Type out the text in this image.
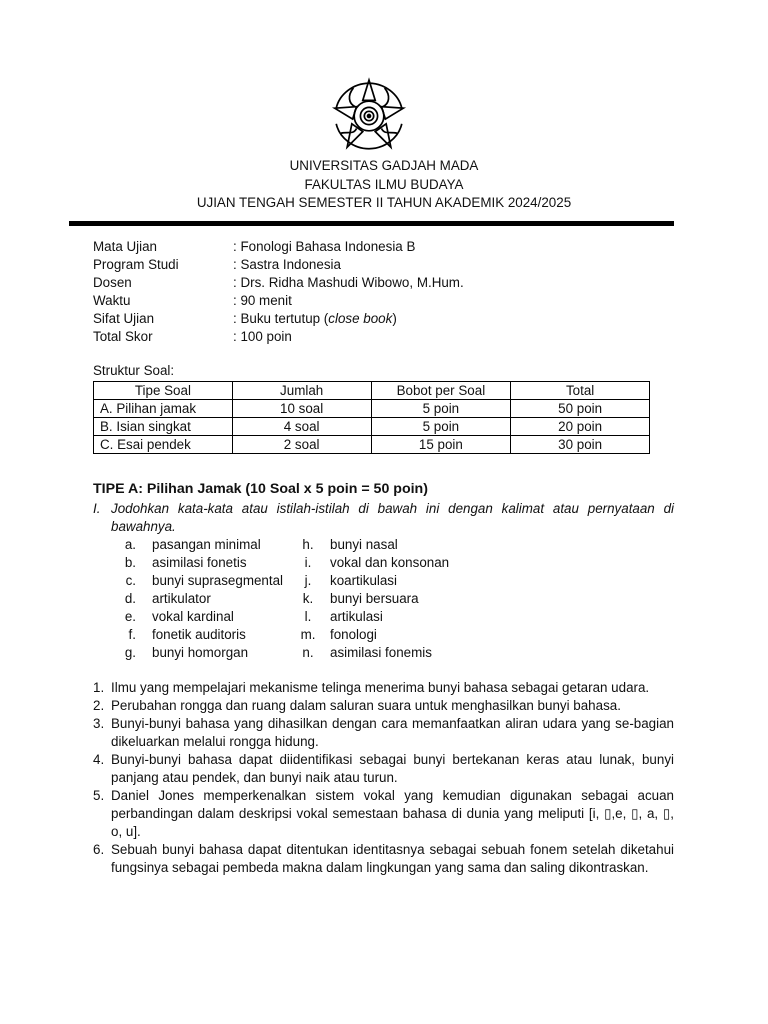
UNIVERSITAS GADJAH MADA
FAKULTAS ILMU BUDAYA
UJIAN TENGAH SEMESTER II TAHUN AKADEMIK 2024/2025
Mata Ujian	: Fonologi Bahasa Indonesia B
Program Studi	: Sastra Indonesia
Dosen	: Drs. Ridha Mashudi Wibowo, M.Hum.
Waktu	: 90 menit
Sifat Ujian	: Buku tertutup (close book)
Total Skor	: 100 poin
Struktur Soal:
Tipe Soal	Jumlah	Bobot per Soal	Total
A. Pilihan jamak	10 soal	5 poin	50 poin
B. Isian singkat	4 soal	5 poin	20 poin
C. Esai pendek	2 soal	15 poin	30 poin
TIPE A: Pilihan Jamak (10 Soal x 5 poin = 50 poin)
I. Jodohkan kata-kata atau istilah-istilah di bawah ini dengan kalimat atau pernyataan di bawahnya.
a.	pasangan minimal	h.	bunyi nasal
b.	asimilasi fonetis	i.	vokal dan konsonan
c.	bunyi suprasegmental	j.	koartikulasi
d.	artikulator	k.	bunyi bersuara
e.	vokal kardinal	l.	artikulasi
f.	fonetik auditoris	m.	fonologi
g.	bunyi homorgan	n.	asimilasi fonemis
1. Ilmu yang mempelajari mekanisme telinga menerima bunyi bahasa sebagai getaran udara.
2. Perubahan rongga dan ruang dalam saluran suara untuk menghasilkan bunyi bahasa.
3. Bunyi-bunyi bahasa yang dihasilkan dengan cara memanfaatkan aliran udara yang se-bagian dikeluarkan melalui rongga hidung.
4. Bunyi-bunyi bahasa dapat diidentifikasi sebagai bunyi bertekanan keras atau lunak, bunyi panjang atau pendek, dan bunyi naik atau turun.
5. Daniel Jones memperkenalkan sistem vokal yang kemudian digunakan sebagai acuan perbandingan dalam deskripsi vokal semestaan bahasa di dunia yang meliputi [i, ▯,e, ▯, a, ▯, o, u].
6. Sebuah bunyi bahasa dapat ditentukan identitasnya sebagai sebuah fonem setelah diketahui fungsinya sebagai pembeda makna dalam lingkungan yang sama dan saling dikontraskan.
